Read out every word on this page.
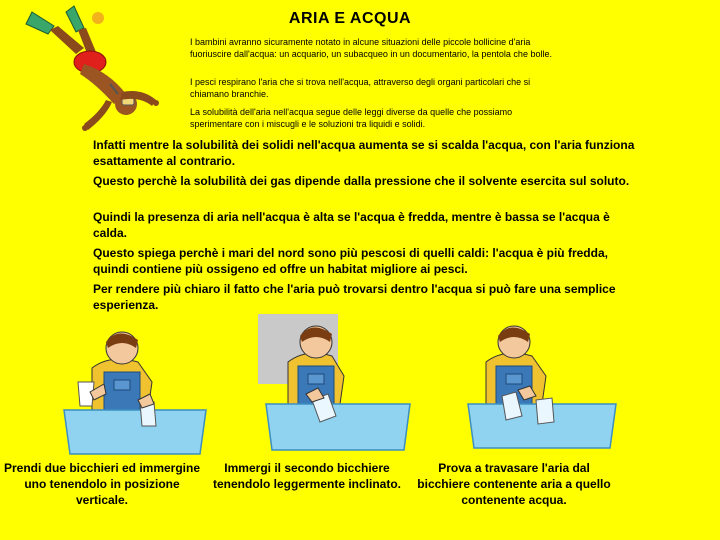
ARIA E ACQUA
I bambini avranno sicuramente notato in alcune situazioni delle piccole bollicine d'aria fuoriuscire dall'acqua: un acquario, un subacqueo in un documentario, la pentola che bolle.
I pesci respirano l'aria che si trova nell'acqua, attraverso degli organi particolari che si chiamano branchie.
La solubilità dell'aria nell'acqua segue delle leggi diverse da quelle che possiamo sperimentare con i miscugli e le soluzioni tra liquidi e solidi.
Infatti mentre la solubilità dei solidi nell'acqua aumenta se si scalda l'acqua, con l'aria funziona esattamente al contrario.
Questo perchè la solubilità dei gas dipende dalla pressione che il solvente esercita sul soluto.
Quindi la presenza di aria nell'acqua è alta se l'acqua è fredda, mentre è bassa se l'acqua è calda.
Questo spiega perchè i mari del nord sono più pescosi di quelli caldi: l'acqua è più fredda, quindi contiene più ossigeno ed offre un habitat migliore ai pesci.
Per rendere più chiaro il fatto che l'aria può trovarsi dentro l'acqua si può fare una semplice esperienza.
Prendi due bicchieri ed immergine uno tenendolo in posizione verticale.
Immergi il secondo bicchiere tenendolo leggermente inclinato.
Prova a travasare l'aria dal bicchiere contenente aria a quello contenente acqua.
